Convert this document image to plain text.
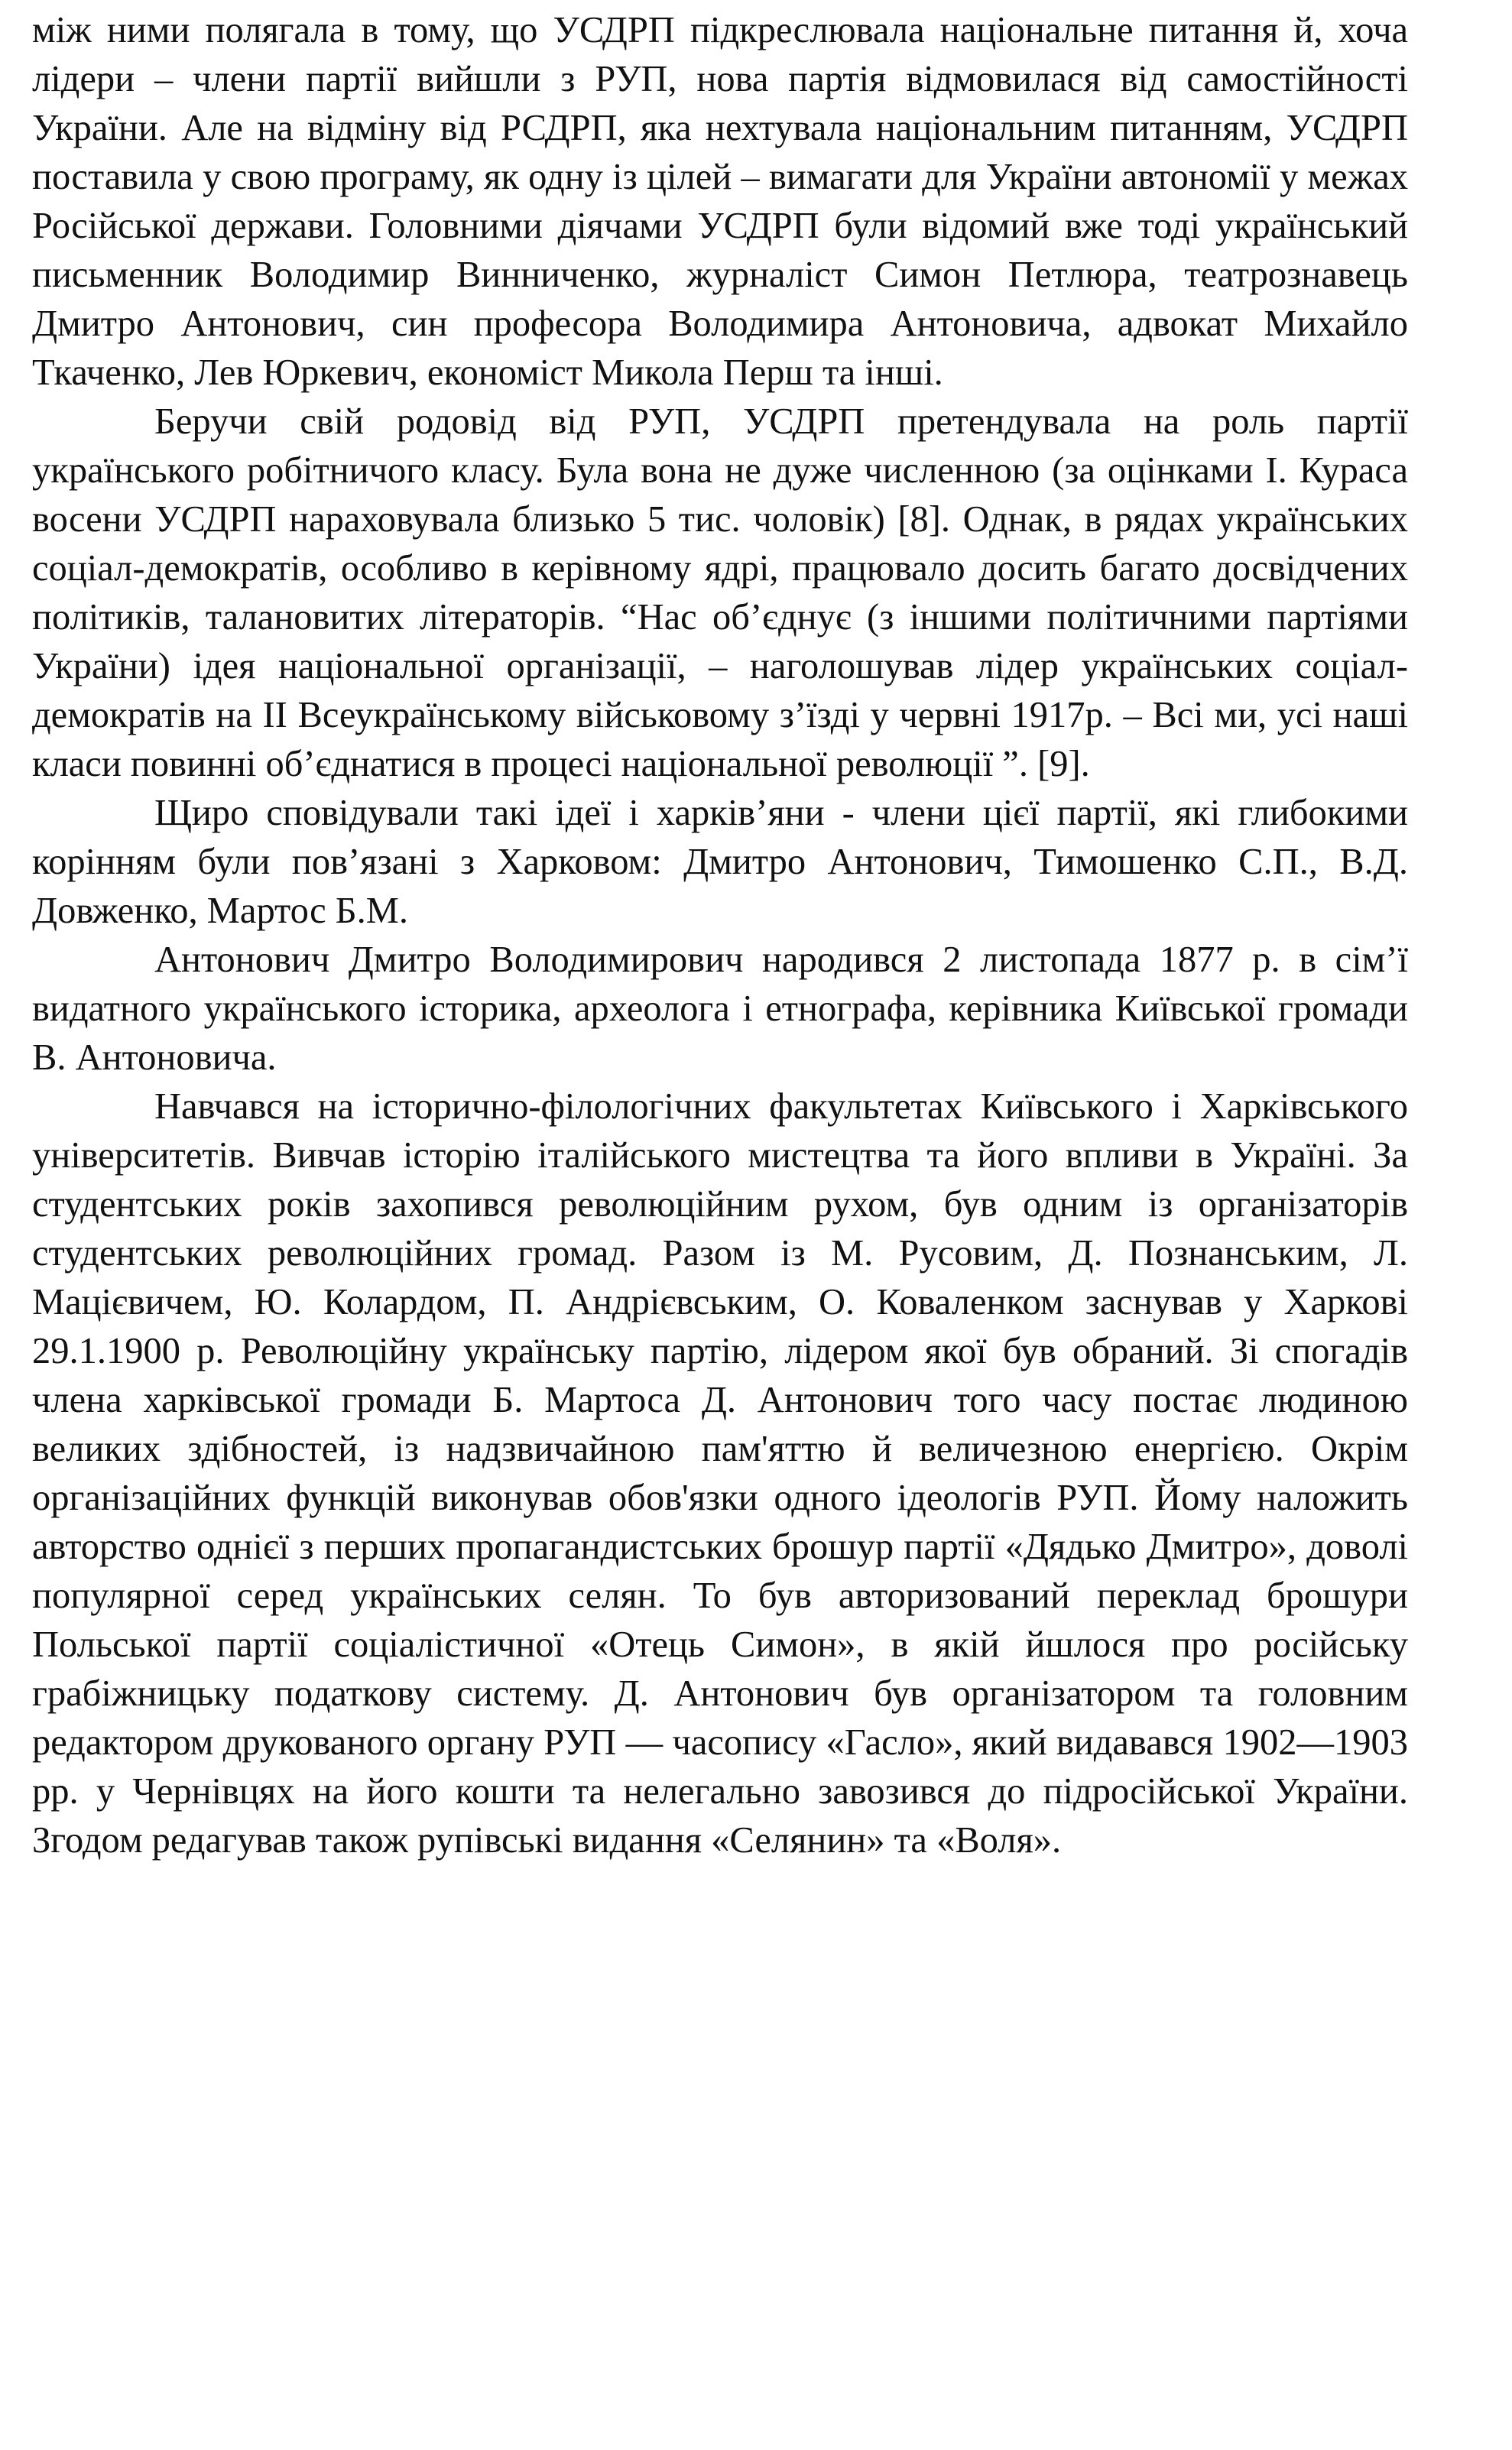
між ними полягала в тому, що УСДРП підкреслювала національне питання й, хоча лідери – члени партії вийшли з РУП, нова партія відмовилася від самостійності України. Але на відміну від РСДРП, яка нехтувала національним питанням, УСДРП поставила у свою програму, як одну із цілей – вимагати для України автономії у межах Російської держави. Головними діячами УСДРП були відомий вже тоді український письменник Володимир Винниченко, журналіст Симон Петлюра, театрознавець Дмитро Антонович, син професора Володимира Антоновича, адвокат Михайло Ткаченко, Лев Юркевич, економіст Микола Перш та інші.

Беручи свій родовід від РУП, УСДРП претендувала на роль партії українського робітничого класу. Була вона не дуже численною (за оцінками І. Кураса восени УСДРП нараховувала близько 5 тис. чоловік) [8]. Однак, в рядах українських соціал-демократів, особливо в керівному ядрі, працювало досить багато досвідчених політиків, талановитих літераторів. “Нас об’єднує (з іншими політичними партіями України) ідея національної організації, – наголошував лідер українських соціал-демократів на ІІ Всеукраїнському військовому з’їзді у червні 1917р. – Всі ми, усі наші класи повинні об’єднатися в процесі національної революції ”. [9].

Щиро сповідували такі ідеї і харків’яни - члени цієї партії, які глибокими корінням були пов’язані з Харковом: Дмитро Антонович, Тимошенко С.П., В.Д. Довженко, Мартос Б.М.

Антонович Дмитро Володимирович народився 2 листопада 1877 р. в сім’ї видатного українського історика, археолога і етнографа, керівника Київської громади В. Антоновича.

Навчався на історично-філологічних факультетах Київського і Харківського університетів. Вивчав історію італійського мистецтва та його впливи в Україні. За студентських років захопився революційним рухом, був одним із організаторів студентських революційних громад. Разом із М. Русовим, Д. Познанським, Л. Мацієвичем, Ю. Колардом, П. Андрієвським, О. Коваленком заснував у Харкові 29.1.1900 р. Революційну українську партію, лідером якої був обраний. Зі спогадів члена харківської громади Б. Мартоса Д. Антонович того часу постає людиною великих здібностей, із надзвичайною пам'яттю й величезною енергією. Окрім організаційних функцій виконував обов'язки одного ідеологів РУП. Йому наложить авторство однієї з перших пропагандистських брошур партії «Дядько Дмитро», доволі популярної серед українських селян. То був авторизований переклад брошури Польської партії соціалістичної «Отець Симон», в якій йшлося про російську грабіжницьку податкову систему. Д. Антонович був організатором та головним редактором друкованого органу РУП — часопису «Гасло», який видавався 1902—1903 рр. у Чернівцях на його кошти та нелегально завозився до підросійської України. Згодом редагував також рупівські видання «Селянин» та «Воля».
